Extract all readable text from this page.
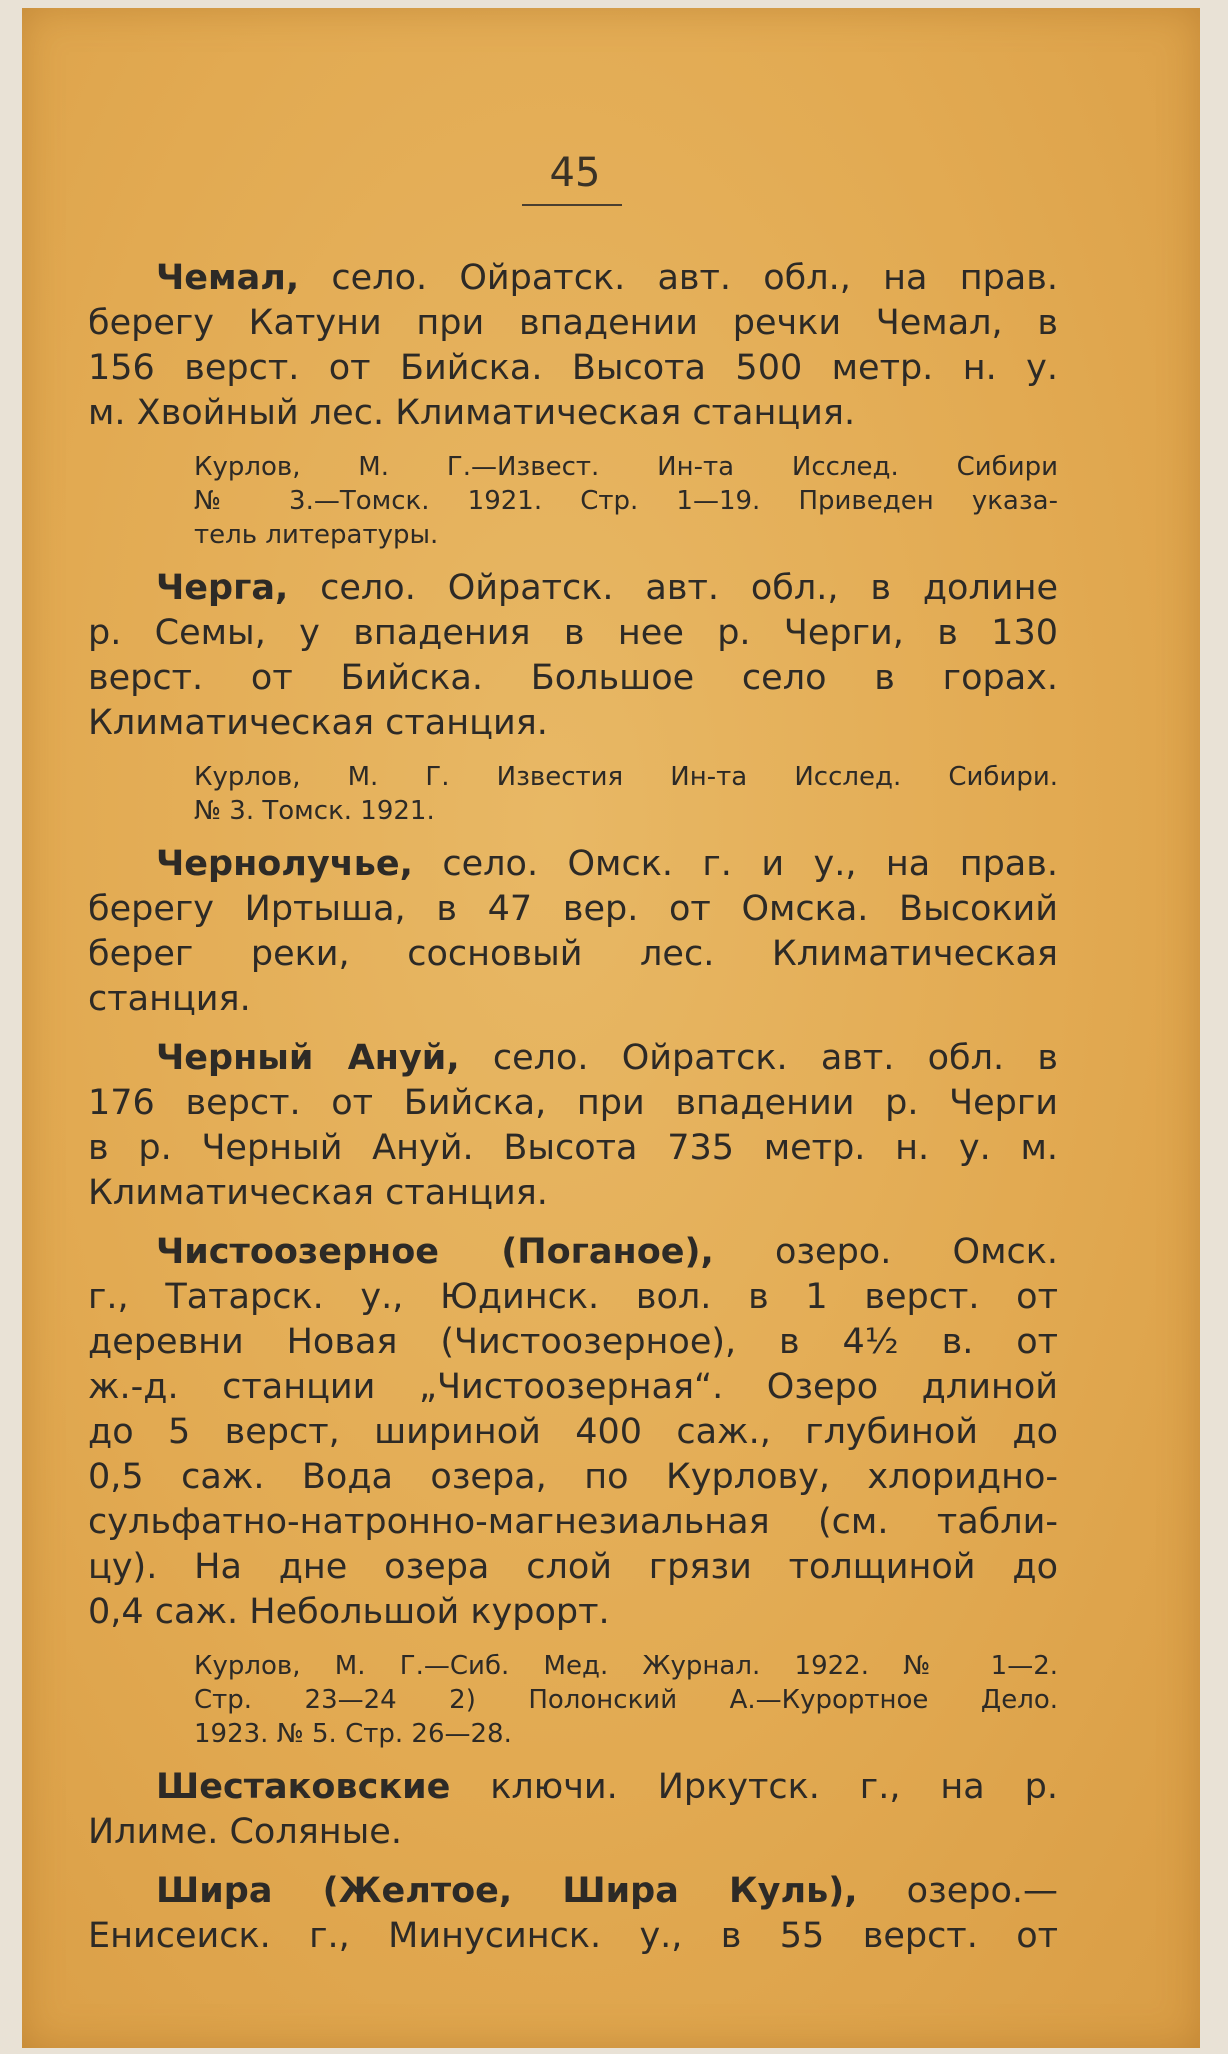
45

Чемал, село. Ойратск. авт. обл., на прав.

берегу Катуни при впадении речки Чемал, в

156 верст. от Бийска. Высота 500 метр. н. у.

м. Хвойный лес. Климатическая станция.

Курлов, М. Г.—Извест. Ин-та Исслед. Сибири

№ 3.—Томск. 1921. Стр. 1—19. Приведен указа-

тель литературы.

Черга, село. Ойратск. авт. обл., в долине

р. Семы, у впадения в нее р. Черги, в 130

верст. от Бийска. Большое село в горах.

Климатическая станция.

Курлов, М. Г. Известия Ин-та Исслед. Сибири.

№ 3. Томск. 1921.

Чернолучье, село. Омск. г. и у., на прав.

берегу Иртыша, в 47 вер. от Омска. Высокий

берег реки, сосновый лес. Климатическая

станция.

Черный Ануй, село. Ойратск. авт. обл. в

176 верст. от Бийска, при впадении р. Черги

в р. Черный Ануй. Высота 735 метр. н. у. м.

Климатическая станция.

Чистоозерное (Поганое), озеро. Омск.

г., Татарск. у., Юдинск. вол. в 1 верст. от

деревни Новая (Чистоозерное), в 4½ в. от

ж.-д. станции „Чистоозерная“. Озеро длиной

до 5 верст, шириной 400 саж., глубиной до

0,5 саж. Вода озера, по Курлову, хлоридно-

сульфатно-натронно-магнезиальная (см. табли-

цу). На дне озера слой грязи толщиной до

0,4 саж. Небольшой курорт.

Курлов, М. Г.—Сиб. Мед. Журнал. 1922. № 1—2.

Стр. 23—24 2) Полонский А.—Курортное Дело.

1923. № 5. Стр. 26—28.

Шестаковские ключи. Иркутск. г., на р.

Илиме. Соляные.

Шира (Желтое, Шира Куль), озеро.—

Енисеиск. г., Минусинск. у., в 55 верст. от
